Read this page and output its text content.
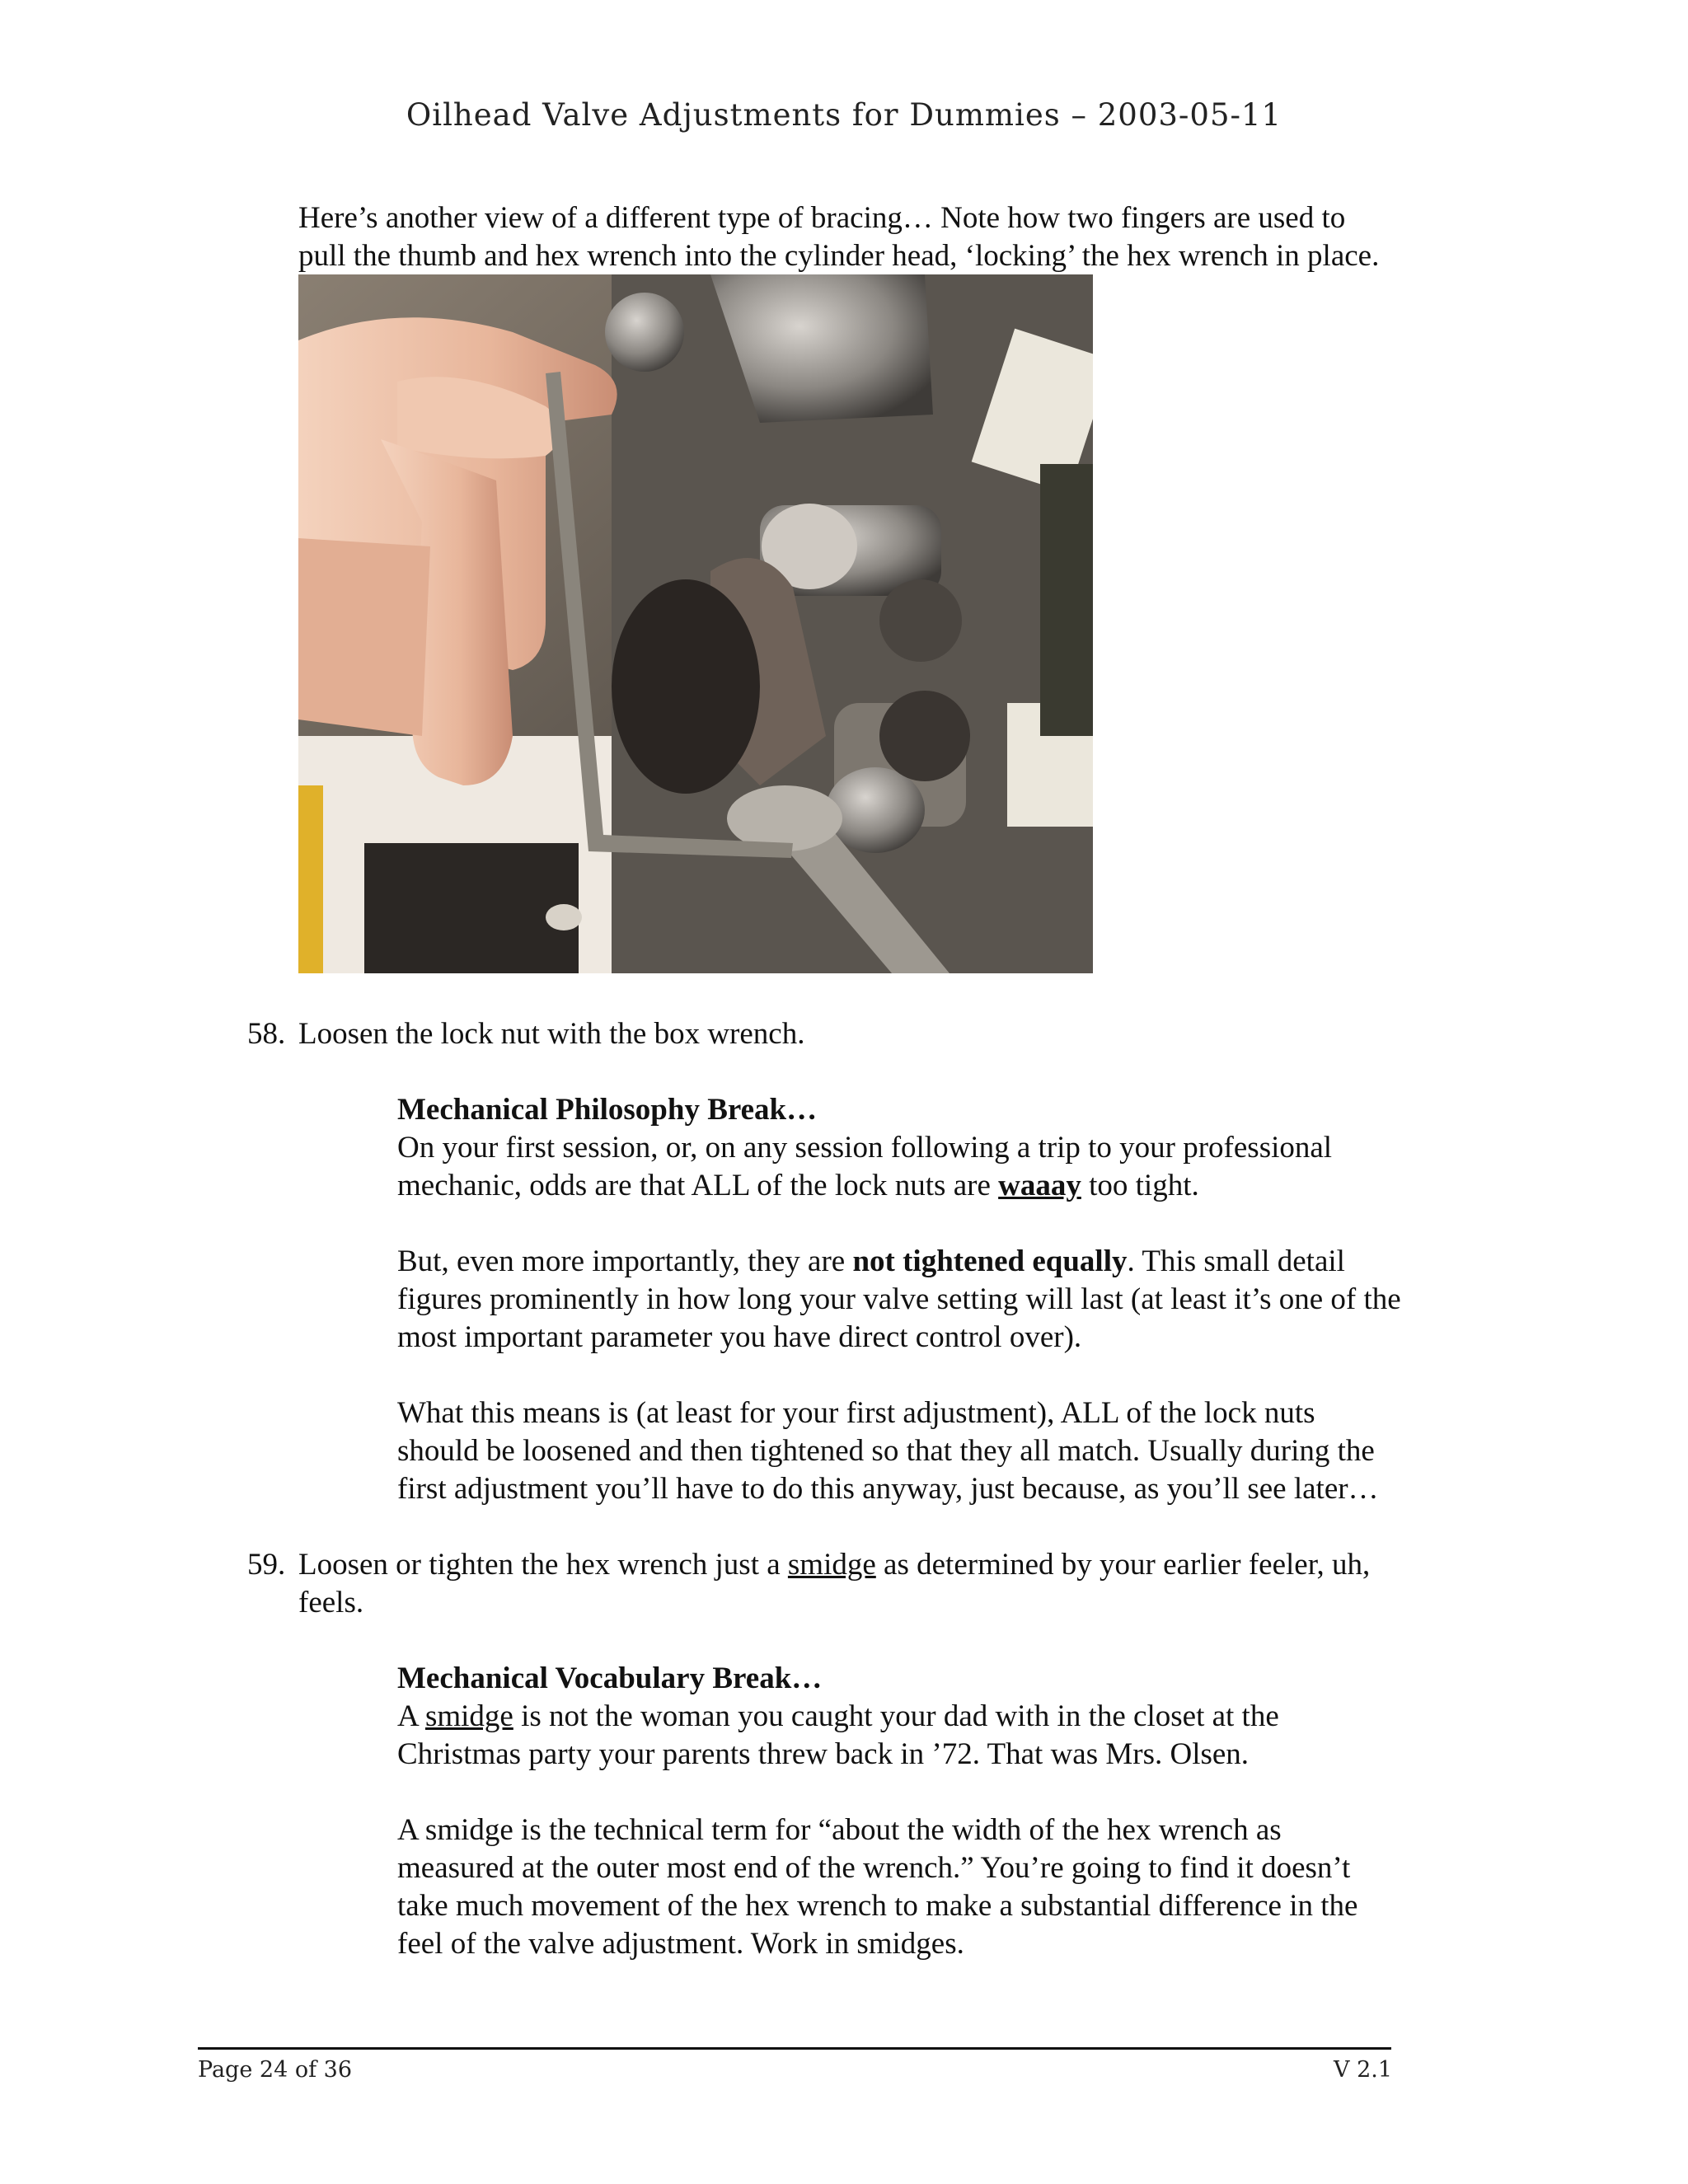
Oilhead Valve Adjustments for Dummies – 2003-05-11
Here’s another view of a different type of bracing… Note how two fingers are used to
pull the thumb and hex wrench into the cylinder head, ‘locking’ the hex wrench in place.
58. Loosen the lock nut with the box wrench.

Mechanical Philosophy Break…

On your first session, or, on any session following a trip to your professional

mechanic, odds are that ALL of the lock nuts are waaay too tight.

But, even more importantly, they are not tightened equally. This small detail

figures prominently in how long your valve setting will last (at least it’s one of the

most important parameter you have direct control over).

What this means is (at least for your first adjustment), ALL of the lock nuts

should be loosened and then tightened so that they all match. Usually during the

first adjustment you’ll have to do this anyway, just because, as you’ll see later…

59. Loosen or tighten the hex wrench just a smidge as determined by your earlier feeler, uh,
feels.

Mechanical Vocabulary Break…

A smidge is not the woman you caught your dad with in the closet at the

Christmas party your parents threw back in ’72. That was Mrs. Olsen.

A smidge is the technical term for “about the width of the hex wrench as

measured at the outer most end of the wrench.” You’re going to find it doesn’t

take much movement of the hex wrench to make a substantial difference in the

feel of the valve adjustment. Work in smidges.

Page 24 of 36	V 2.1
